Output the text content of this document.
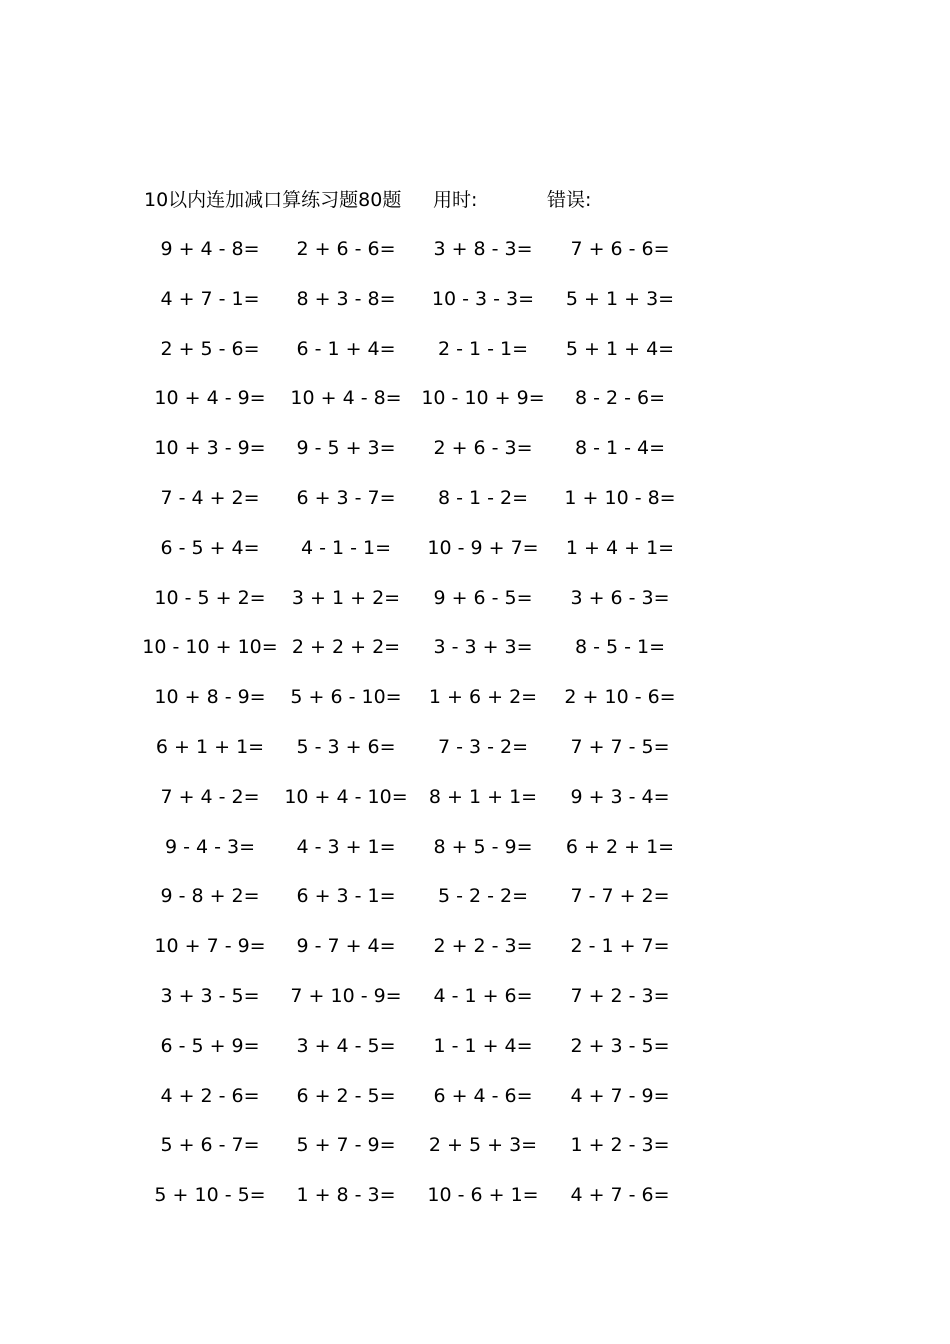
10以内连加减口算练习题80题 用时:	错误:
9 + 4 - 8=	2 + 6 - 6=	3 + 8 - 3=	7 + 6 - 6=
4 + 7 - 1=	8 + 3 - 8=	10 - 3 - 3=	5 + 1 + 3=
2 + 5 - 6=	6 - 1 + 4=	2 - 1 - 1=	5 + 1 + 4=
10 + 4 - 9=	10 + 4 - 8=	10 - 10 + 9=	8 - 2 - 6=
10 + 3 - 9=	9 - 5 + 3=	2 + 6 - 3=	8 - 1 - 4=
7 - 4 + 2=	6 + 3 - 7=	8 - 1 - 2=	1 + 10 - 8=
6 - 5 + 4=	4 - 1 - 1=	10 - 9 + 7=	1 + 4 + 1=
10 - 5 + 2=	3 + 1 + 2=	9 + 6 - 5=	3 + 6 - 3=
10 - 10 + 10= 2 + 2 + 2=	3 - 3 + 3=	8 - 5 - 1=
10 + 8 - 9=	5 + 6 - 10=	1 + 6 + 2=	2 + 10 - 6=
6 + 1 + 1=	5 - 3 + 6=	7 - 3 - 2=	7 + 7 - 5=
7 + 4 - 2=	10 + 4 - 10=	8 + 1 + 1=	9 + 3 - 4=
9 - 4 - 3=	4 - 3 + 1=	8 + 5 - 9=	6 + 2 + 1=
9 - 8 + 2=	6 + 3 - 1=	5 - 2 - 2=	7 - 7 + 2=
10 + 7 - 9=	9 - 7 + 4=	2 + 2 - 3=	2 - 1 + 7=
3 + 3 - 5=	7 + 10 - 9=	4 - 1 + 6=	7 + 2 - 3=
6 - 5 + 9=	3 + 4 - 5=	1 - 1 + 4=	2 + 3 - 5=
4 + 2 - 6=	6 + 2 - 5=	6 + 4 - 6=	4 + 7 - 9=
5 + 6 - 7=	5 + 7 - 9=	2 + 5 + 3=	1 + 2 - 3=
5 + 10 - 5=	1 + 8 - 3=	10 - 6 + 1=	4 + 7 - 6=
